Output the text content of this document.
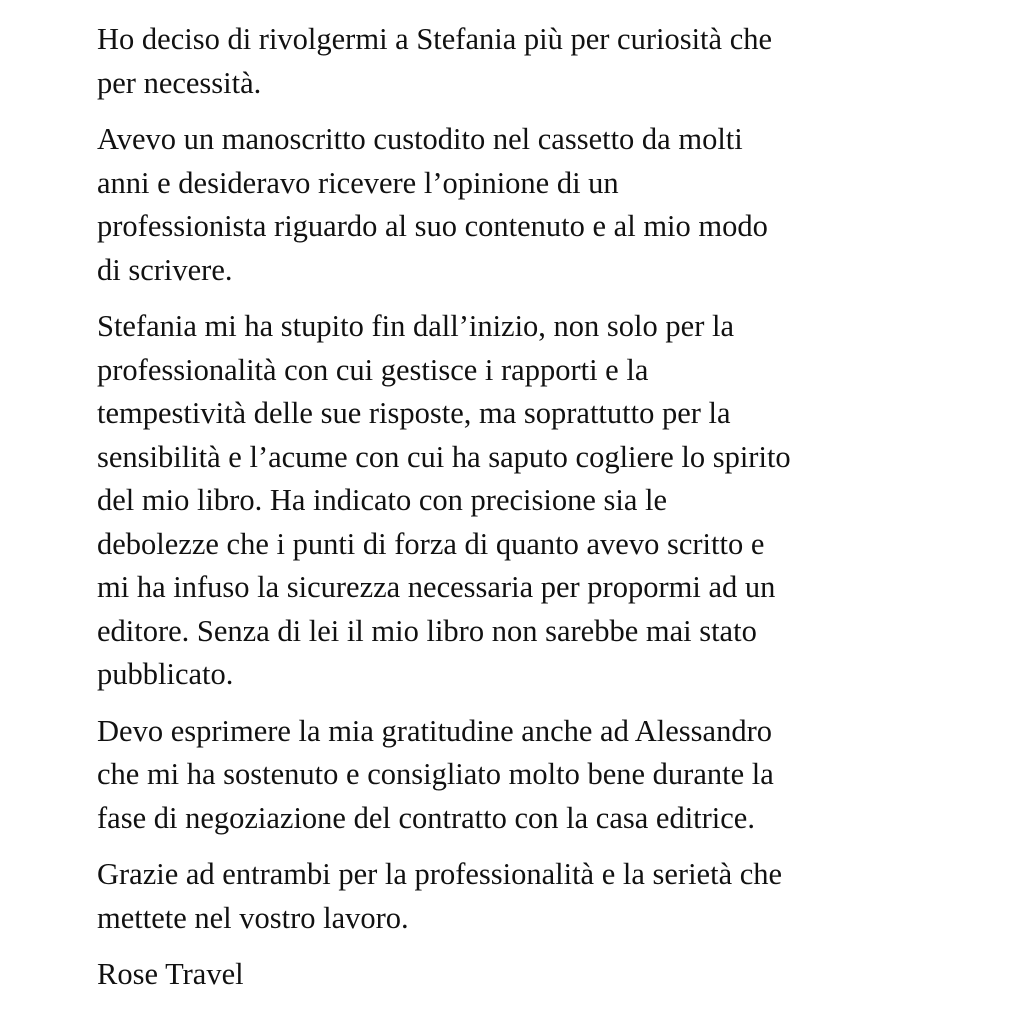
Ho deciso di rivolgermi a Stefania più per curiosità che
per necessità.

Avevo un manoscritto custodito nel cassetto da molti
anni e desideravo ricevere l’opinione di un
professionista riguardo al suo contenuto e al mio modo
di scrivere.

Stefania mi ha stupito fin dall’inizio, non solo per la
professionalità con cui gestisce i rapporti e la
tempestività delle sue risposte, ma soprattutto per la
sensibilità e l’acume con cui ha saputo cogliere lo spirito
del mio libro. Ha indicato con precisione sia le
debolezze che i punti di forza di quanto avevo scritto e
mi ha infuso la sicurezza necessaria per propormi ad un
editore. Senza di lei il mio libro non sarebbe mai stato
pubblicato.

Devo esprimere la mia gratitudine anche ad Alessandro
che mi ha sostenuto e consigliato molto bene durante la
fase di negoziazione del contratto con la casa editrice.

Grazie ad entrambi per la professionalità e la serietà che
mettete nel vostro lavoro.

Rose Travel
